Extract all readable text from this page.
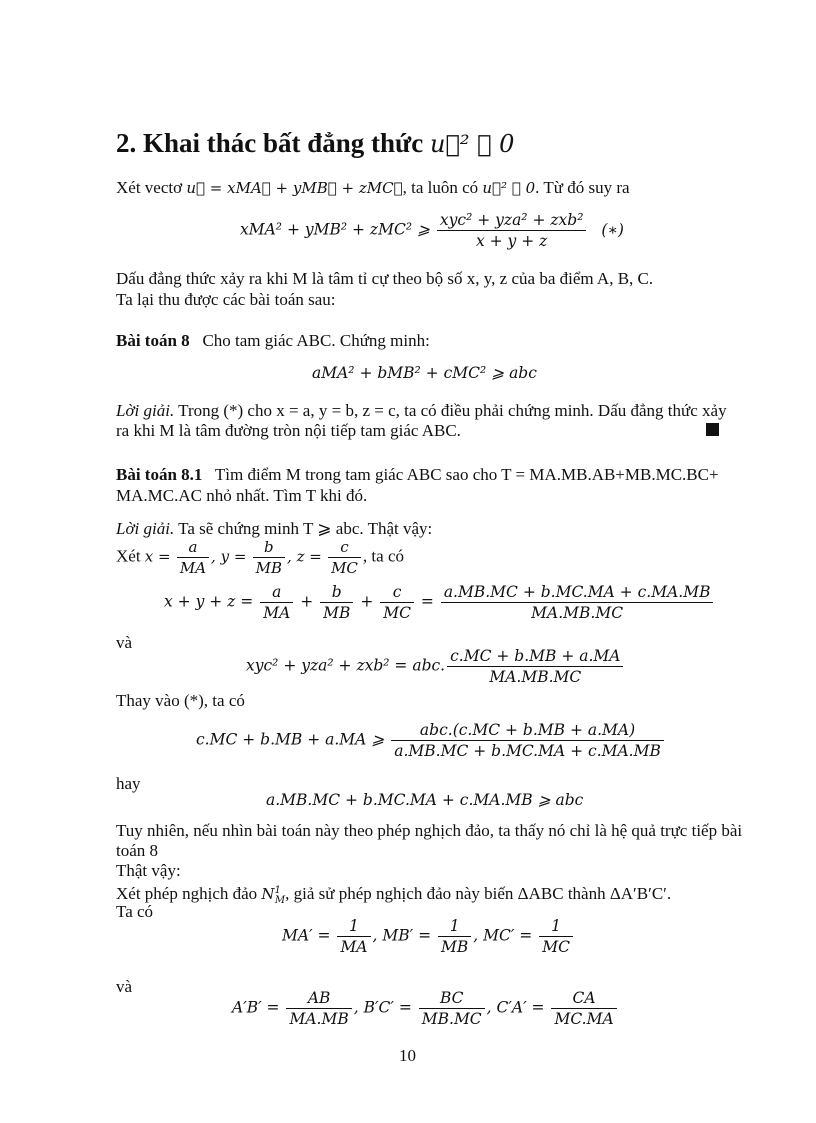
2. Khai thác bất đẳng thức u⃗² ⩾ 0
Xét vectơ u⃗ = xMA⃗ + yMB⃗ + zMC⃗, ta luôn có u⃗² ⩾ 0. Từ đó suy ra
xMA² + yMB² + zMC² ⩾ $\frac{\text{xyc² + yza² + zxb²}}{x + y + z}$ (∗)
Dấu đẳng thức xảy ra khi M là tâm tỉ cự theo bộ số x, y, z của ba điểm A, B, C.
Ta lại thu được các bài toán sau:
Bài toán 8 Cho tam giác ABC. Chứng minh:
aMA² + bMB² + cMC² ⩾ abc
Lời giải. Trong (*) cho x = a, y = b, z = c, ta có điều phải chứng minh. Dấu đẳng thức xảy
ra khi M là tâm đường tròn nội tiếp tam giác ABC.
Bài toán 8.1 Tìm điểm M trong tam giác ABC sao cho T = MA.MB.AB+MB.MC.BC+
MA.MC.AC nhỏ nhất. Tìm T khi đó.
Lời giải. Ta sẽ chứng minh T ⩾ abc. Thật vậy:
Xét $x = \frac{a}{MA}$ , $y = \frac{b}{MB}$ , $z = \frac{c}{MC}$ , ta có
$x + y + z = \frac{a}{MA} + \frac{b}{MB} + \frac{c}{MC} = \frac{a.MB.MC + b.MC.MA + c.MA.MB}{MA.MB.MC}$
và
xyc² + yza² + zxb² = abc. $\frac{c.MC + b.MB + a.MA}{MA.MB.MC}$
Thay vào (*), ta có
c.MC + b.MB + a.MA ⩾ $\frac{\text{abc.(c.MC + b.MB + a.MA)}}{a.MB.MC + b.MC.MA + c.MA.MB}$
hay
a.MB.MC + b.MC.MA + c.MA.MB ⩾ abc
Tuy nhiên, nếu nhìn bài toán này theo phép nghịch đảo, ta thấy nó chỉ là hệ quả trực tiếp bài
toán 8
Thật vậy:
Xét phép nghịch đảo $N^1_M$, giả sử phép nghịch đảo này biến ΔABC thành ΔA′B′C′.
Ta có
$MA' = \frac{1}{MA}$ , $MB' = \frac{1}{MB}$ , $MC' = \frac{1}{MC}$
và
$A'B' = \frac{AB}{MA.MB}$ , $B'C' = \frac{BC}{MB.MC}$ , $C'A' = \frac{CA}{MC.MA}$
10
